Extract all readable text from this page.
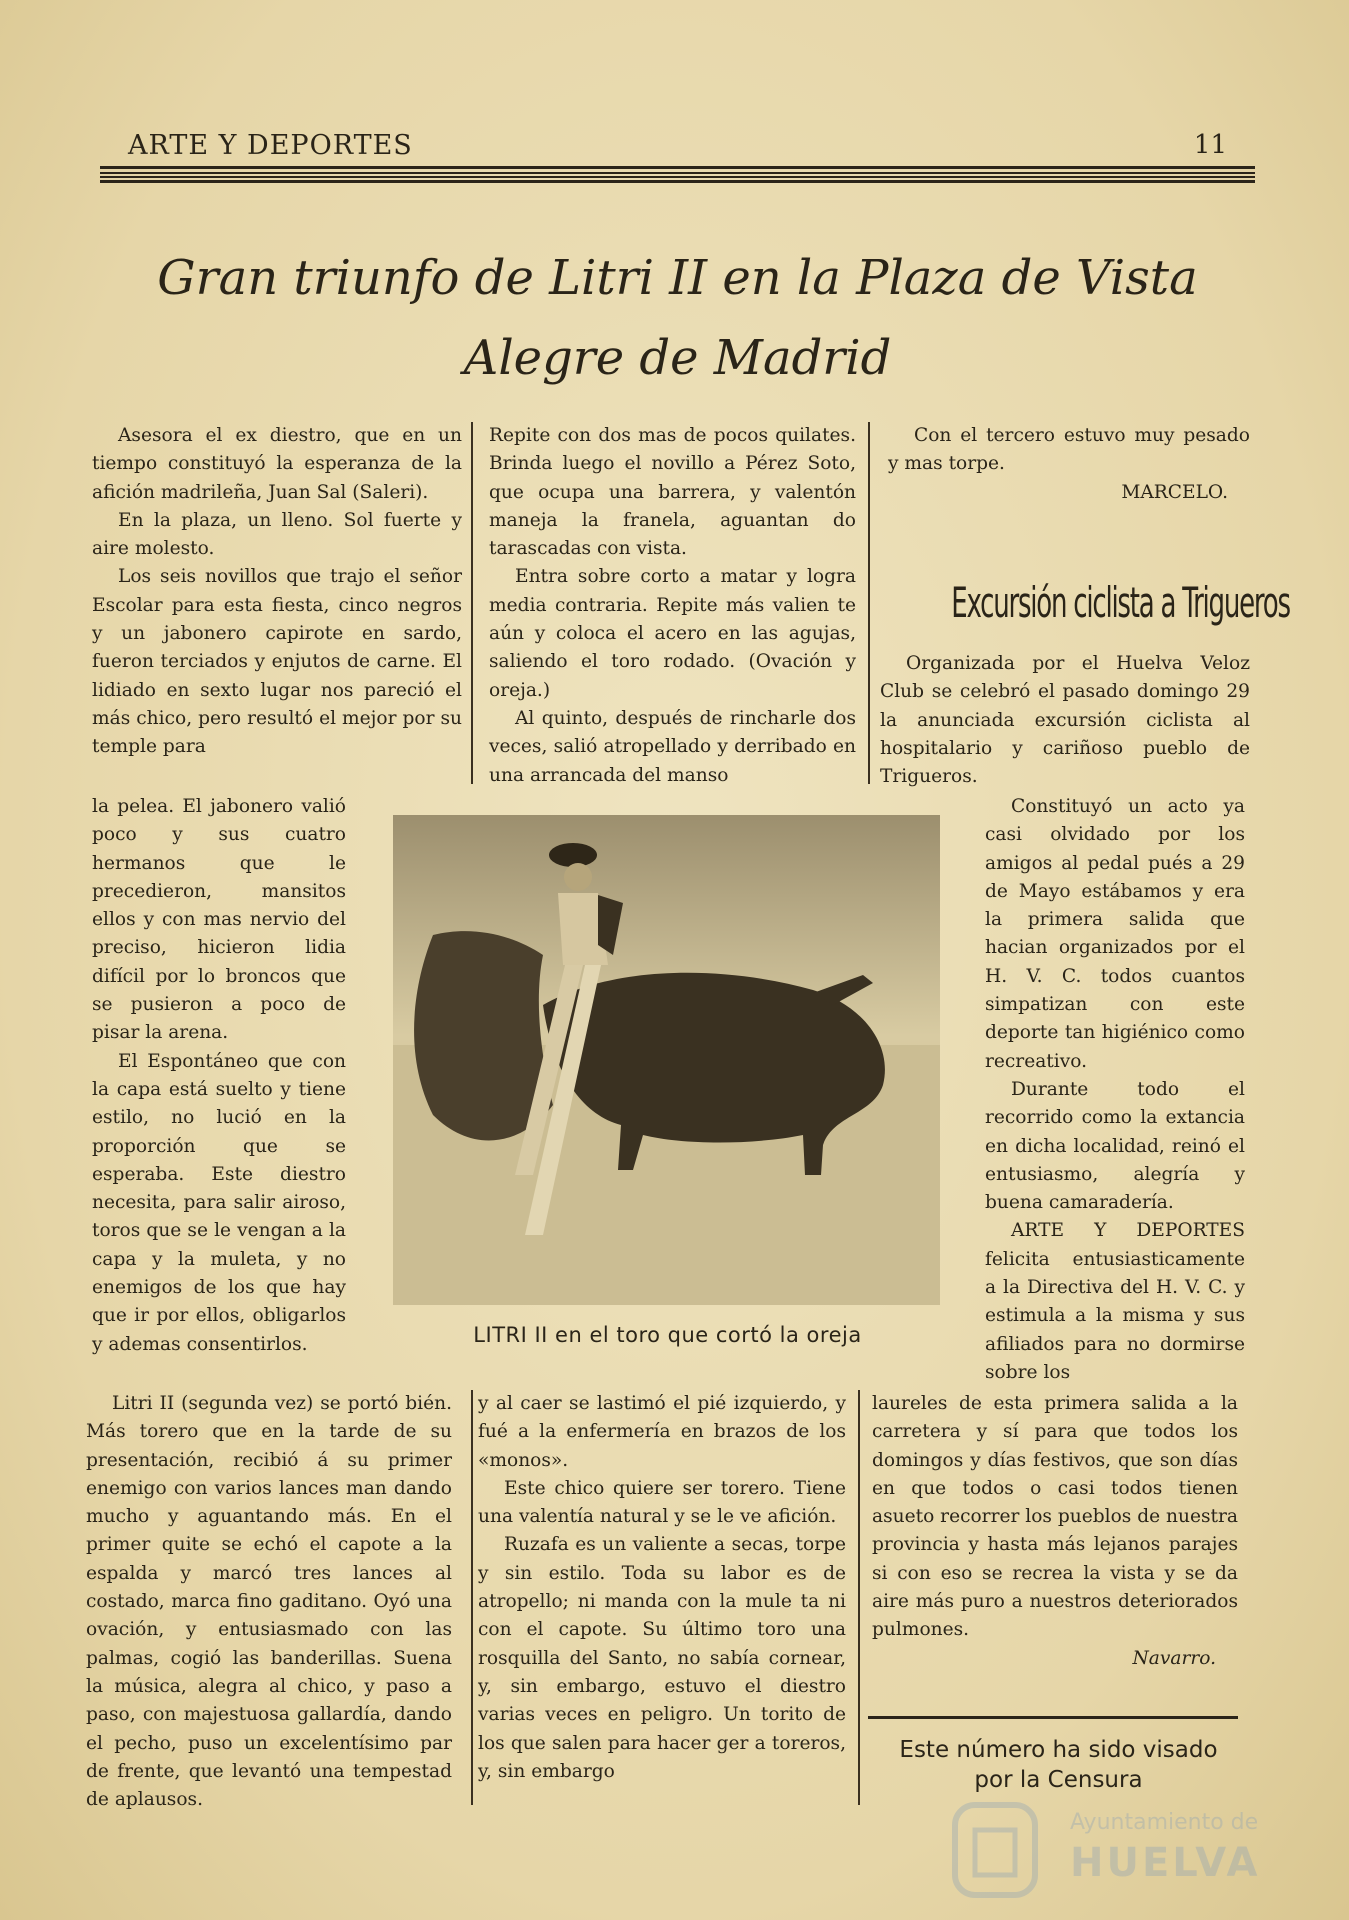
ARTE Y DEPORTES	11
Gran triunfo de Litri II en la Plaza de Vista
Alegre de Madrid

Asesora el ex diestro, que en un tiempo constituyó la esperanza de la afición madrileña, Juan Sal (Saleri).

En la plaza, un lleno. Sol fuerte y aire molesto.

Los seis novillos que trajo el señor Escolar para esta fiesta, cinco negros y un jabonero capirote en sardo, fueron terciados y enjutos de carne. El lidiado en sexto lugar nos pareció el más chico, pero resultó el mejor por su temple para

la pelea. El jabonero valió poco y sus cuatro hermanos que le precedieron, mansitos ellos y con mas nervio del preciso, hicieron lidia difícil por lo broncos que se pusieron a poco de pisar la arena.

El Espontáneo que con la capa está suelto y tiene estilo, no lució en la proporción que se esperaba. Este diestro necesita, para salir airoso, toros que se le vengan a la capa y la muleta, y no enemigos de los que hay que ir por ellos, obligarlos y ademas consentirlos.

Litri II (segunda vez) se portó bién. Más torero que en la tarde de su presentación, recibió á su primer enemigo con varios lances man dando mucho y aguantando más. En el primer quite se echó el capote a la espalda y marcó tres lances al costado, marca fino gaditano. Oyó una ovación, y entusiasmado con las palmas, cogió las banderillas. Suena la música, alegra al chico, y paso a paso, con majestuosa gallardía, dando el pecho, puso un excelentísimo par de frente, que levantó una tempestad de aplausos.

Repite con dos mas de pocos quilates. Brinda luego el novillo a Pérez Soto, que ocupa una barrera, y valentón maneja la franela, aguantan do tarascadas con vista.

Entra sobre corto a matar y logra media contraria. Repite más valien te aún y coloca el acero en las agujas, saliendo el toro rodado. (Ovación y oreja.)

Al quinto, después de rincharle dos veces, salió atropellado y derribado en una arrancada del manso

y al caer se lastimó el pié izquierdo, y fué a la enfermería en brazos de los «monos».

Este chico quiere ser torero. Tiene una valentía natural y se le ve afición.

Ruzafa es un valiente a secas, torpe y sin estilo. Toda su labor es de atropello; ni manda con la mule ta ni con el capote. Su último toro una rosquilla del Santo, no sabía cornear, y, sin embargo, estuvo el diestro varias veces en peligro. Un torito de los que salen para hacer ger a toreros, y, sin embargo

Con el tercero estuvo muy pesado y mas torpe.

MARCELO.

Excursión ciclista a Trigueros

Organizada por el Huelva Veloz Club se celebró el pasado domingo 29 la anunciada excursión ciclista al hospitalario y cariñoso pueblo de Trigueros.

Constituyó un acto ya casi olvidado por los amigos al pedal pués a 29 de Mayo estábamos y era la primera salida que hacian organizados por el H. V. C. todos cuantos simpatizan con este deporte tan higiénico como recreativo.

Durante todo el recorrido como la extancia en dicha localidad, reinó el entusiasmo, alegría y buena camaradería.

ARTE Y DEPORTES felicita entusiasticamente a la Directiva del H. V. C. y estimula a la misma y sus afiliados para no dormirse sobre los

laureles de esta primera salida a la carretera y sí para que todos los domingos y días festivos, que son días en que todos o casi todos tienen asueto recorrer los pueblos de nuestra provincia y hasta más lejanos parajes si con eso se recrea la vista y se da aire más puro a nuestros deteriorados pulmones.

Navarro.

LITRI II en el toro que cortó la oreja
Este número ha sido visado
por la Censura
Ayuntamiento de
HUELVA
